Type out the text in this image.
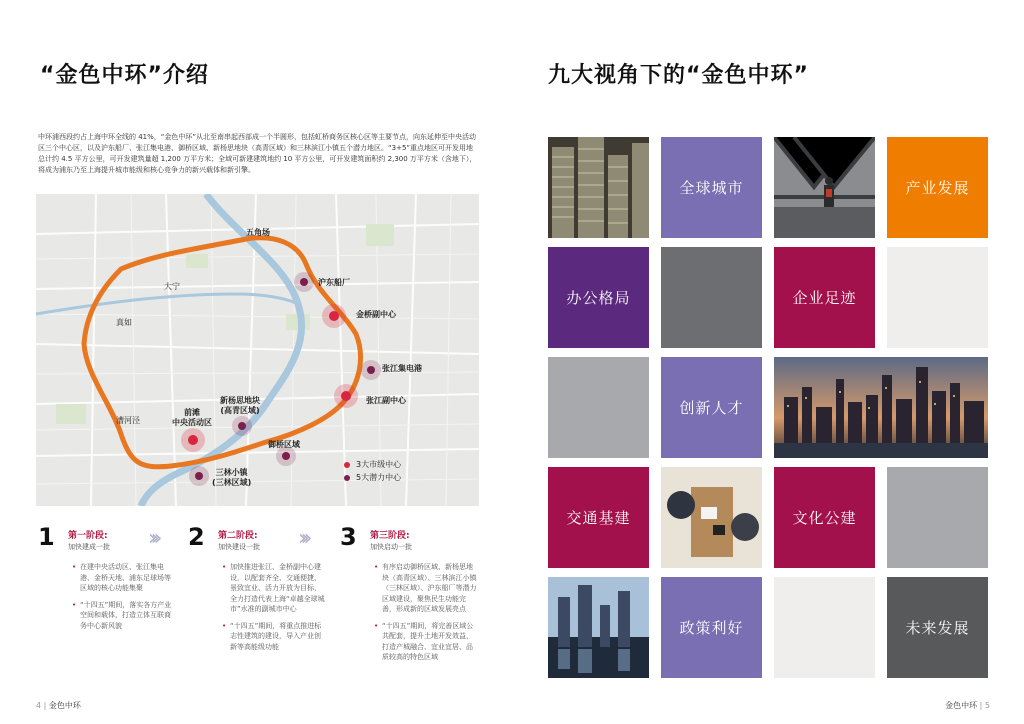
“金色中环”介绍
中环浦西段约占上海中环全线的 41%，“金色中环”从北至南串起西部成一个半圆形，包括虹桥商务区核心区等主要节点，向东延伸至中央活动区三个中心区，以及沪东船厂、张江集电港、御桥区域、新杨思地块（高青区域）和三林滨江小镇五个潜力地区。“3+5”重点地区可开发用地总计约 4.5 平方公里，可开发建筑量超 1,200 万平方米；全域可新建建筑地约 10 平方公里，可开发建筑面积约 2,300 万平方米（含地下），将成为浦东乃至上海提升城市能级和核心竞争力的新兴载体和新引擎。
五角场
沪东船厂
金桥副中心
张江集电港
张江副中心
御桥区域
新杨思地块
(高青区域)
前滩
中央活动区
三林小镇
(三林区域)
大宁
真如
漕河泾
3大市级中心
5大潜力中心
1 第一阶段:
加快建成一批
• 在建中央活动区、张江集电港、金桥天地、浦东足球场等区域的核心功能集聚
• “十四五”期间，落实各方产业空间和载体，打造立体互联商务中心新风貌
››› 2 第二阶段:
加快建设一批
• 加快推进张江、金桥副中心建设，以配套齐全、交通便捷、景致宜业、活力开放为目标，全力打造代表上海“卓越全球城市”水准的副城市中心
• “十四五”期间，将重点推进标志性建筑的建设，导入产业创新等高能级功能
››› 3 第三阶段:
加快启动一批
• 有序启动御桥区域、新杨思地块（高青区域）、三林滨江小镇（三林区域）、沪东船厂等潜力区域建设，聚焦民生功能完善，形成新的区域发展亮点
• “十四五”期间，将完善区域公共配套，提升土地开发效益，打造产城融合、宜业宜居、品质较高的特色区域
4 | 金色中环
九大视角下的“金色中环”
全球城市	产业发展
办公格局	企业足迹
创新人才
交通基建	文化公建
政策利好	未来发展
金色中环 | 5
